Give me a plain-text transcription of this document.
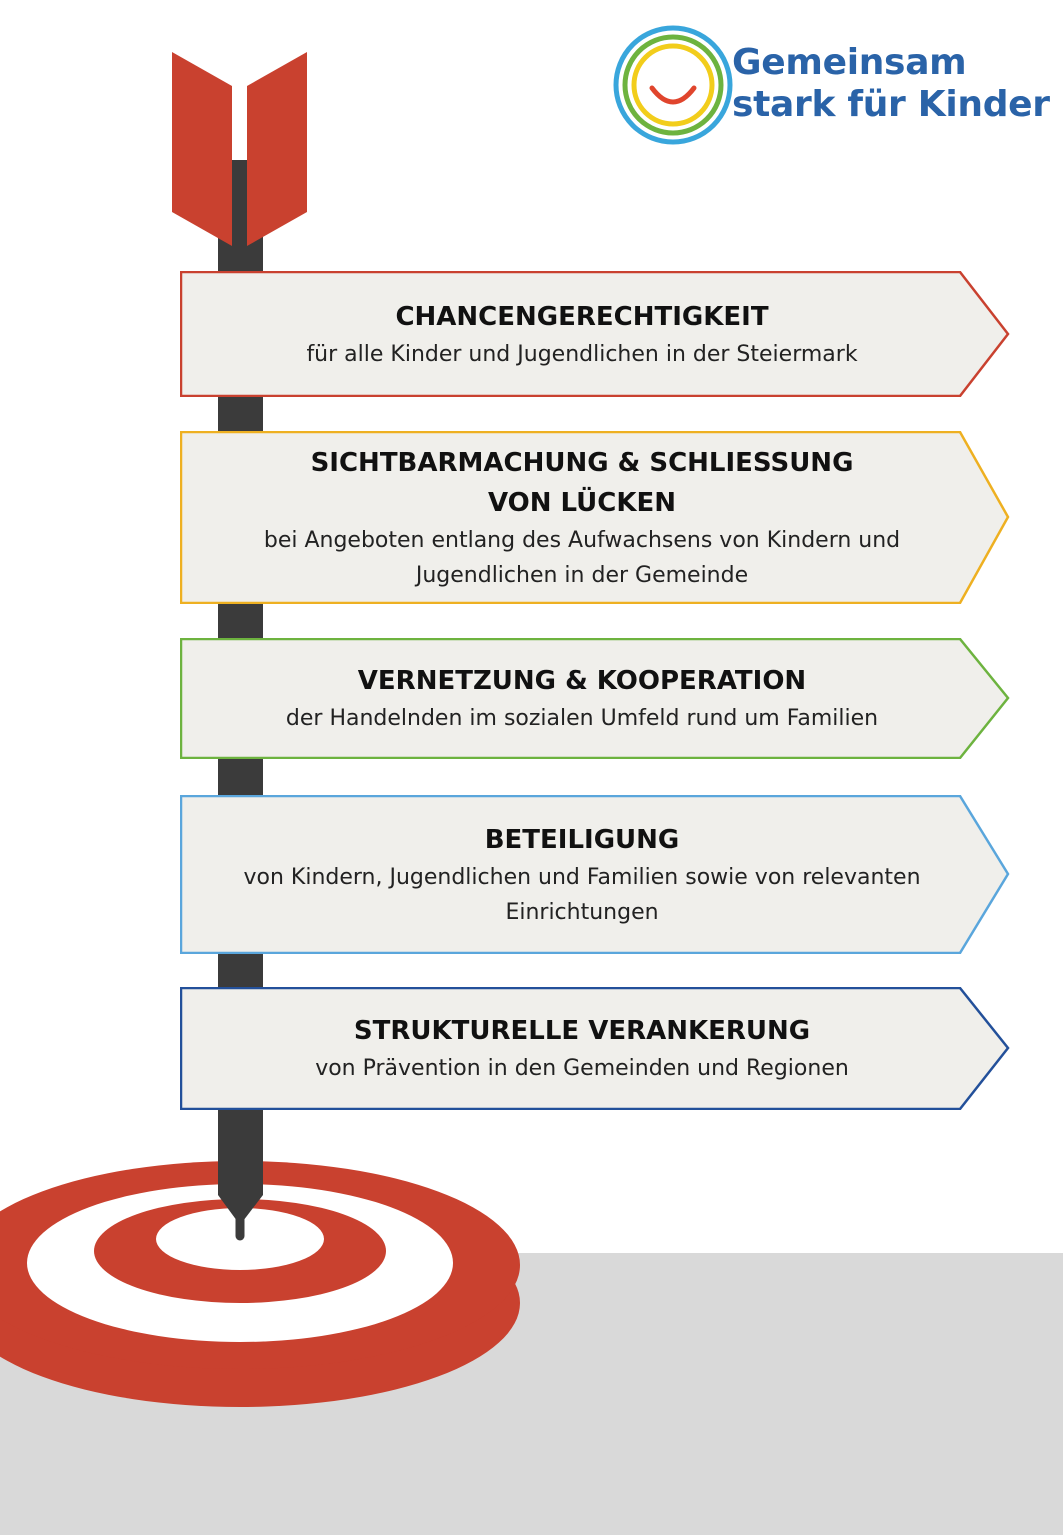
Gemeinsam
stark für Kinder
CHANCENGERECHTIGKEIT
für alle Kinder und Jugendlichen in der Steiermark
SICHTBARMACHUNG & SCHLIESSUNG VON LÜCKEN
bei Angeboten entlang des Aufwachsens von Kindern und Jugendlichen in der Gemeinde
VERNETZUNG & KOOPERATION
der Handelnden im sozialen Umfeld rund um Familien
BETEILIGUNG
von Kindern, Jugendlichen und Familien sowie von relevanten Einrichtungen
STRUKTURELLE VERANKERUNG
von Prävention in den Gemeinden und Regionen
